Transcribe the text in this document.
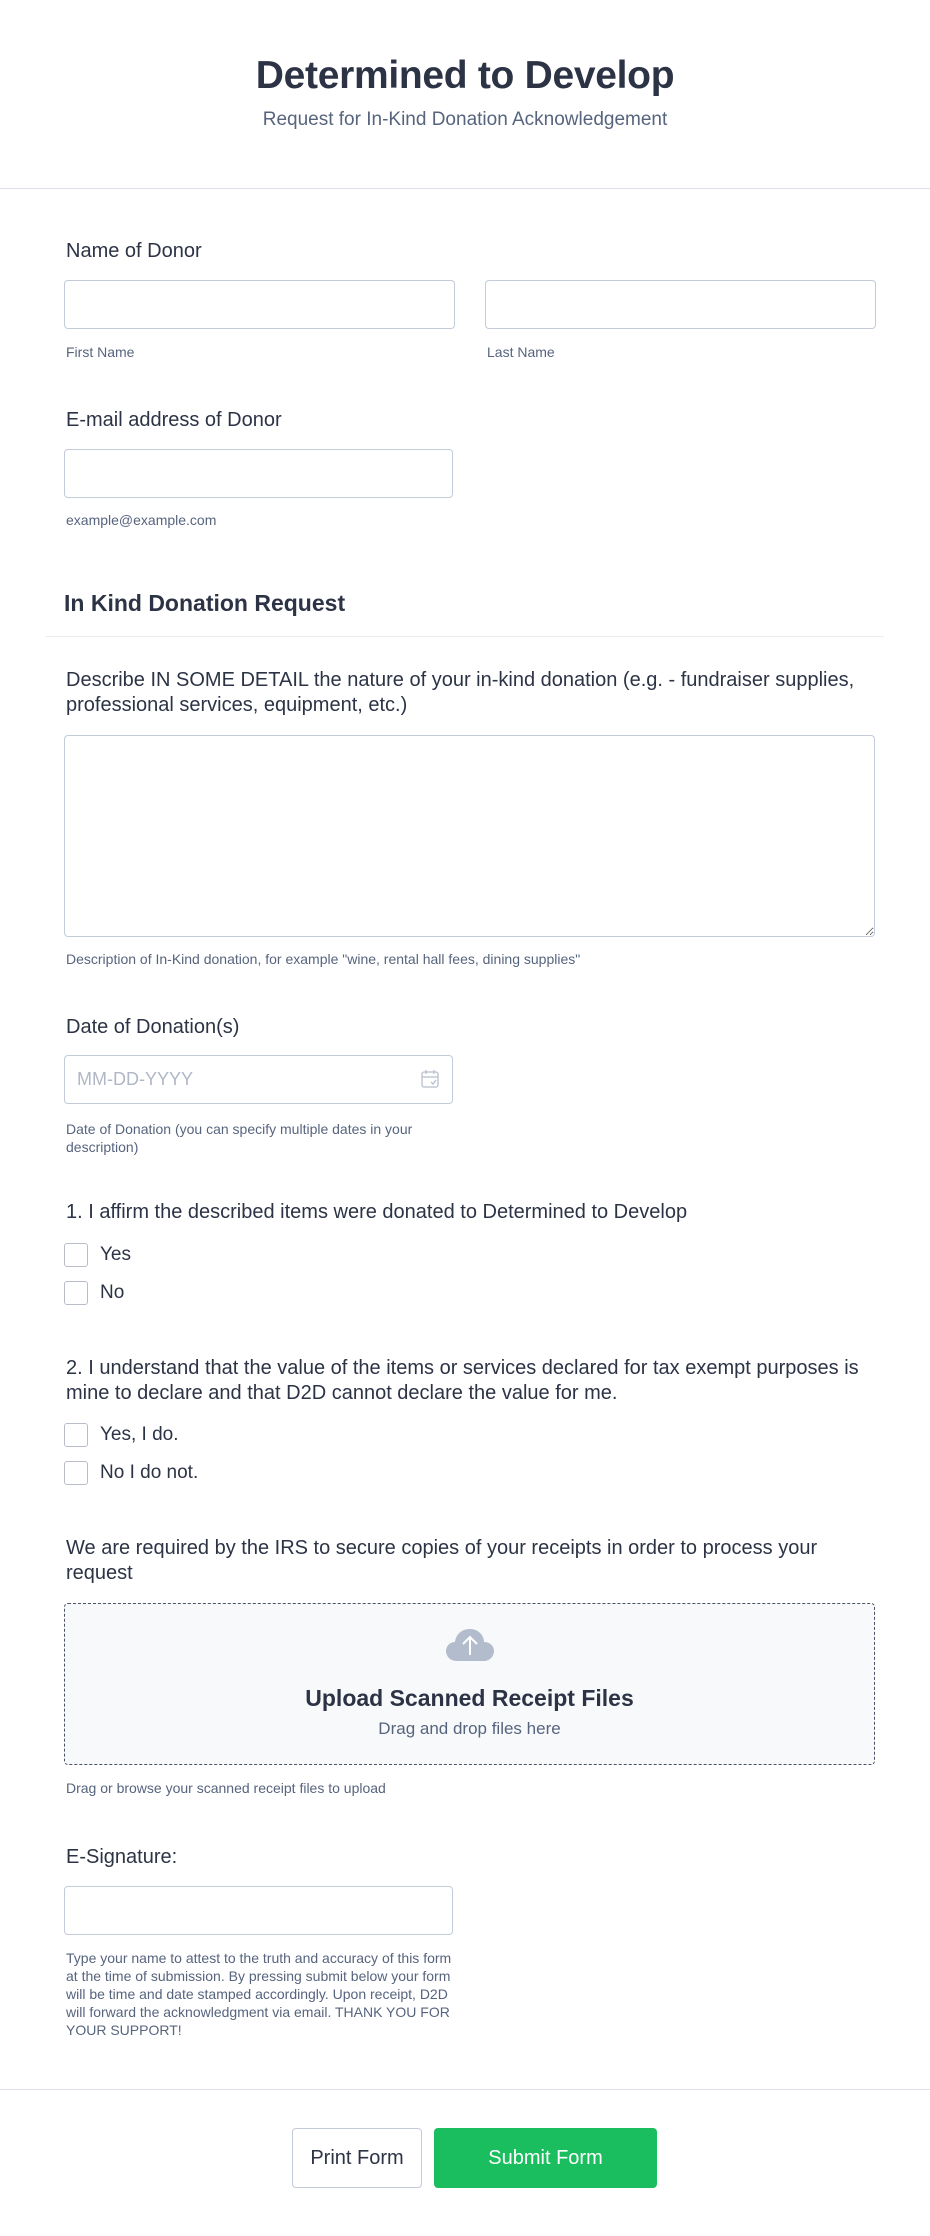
Determined to Develop
Request for In-Kind Donation Acknowledgement
Name of Donor
First Name	Last Name
E-mail address of Donor
example@example.com
In Kind Donation Request
Describe IN SOME DETAIL the nature of your in-kind donation (e.g. - fundraiser supplies, professional services, equipment, etc.)
Description of In-Kind donation, for example "wine, rental hall fees, dining supplies"
Date of Donation(s)
MM-DD-YYYY
Date of Donation (you can specify multiple dates in your description)
1. I affirm the described items were donated to Determined to Develop
Yes
No
2. I understand that the value of the items or services declared for tax exempt purposes is mine to declare and that D2D cannot declare the value for me.
Yes, I do.
No I do not.
We are required by the IRS to secure copies of your receipts in order to process your request
Upload Scanned Receipt Files
Drag and drop files here
Drag or browse your scanned receipt files to upload
E-Signature:
Type your name to attest to the truth and accuracy of this form at the time of submission. By pressing submit below your form will be time and date stamped accordingly. Upon receipt, D2D will forward the acknowledgment via email. THANK YOU FOR YOUR SUPPORT!
Print Form	Submit Form
